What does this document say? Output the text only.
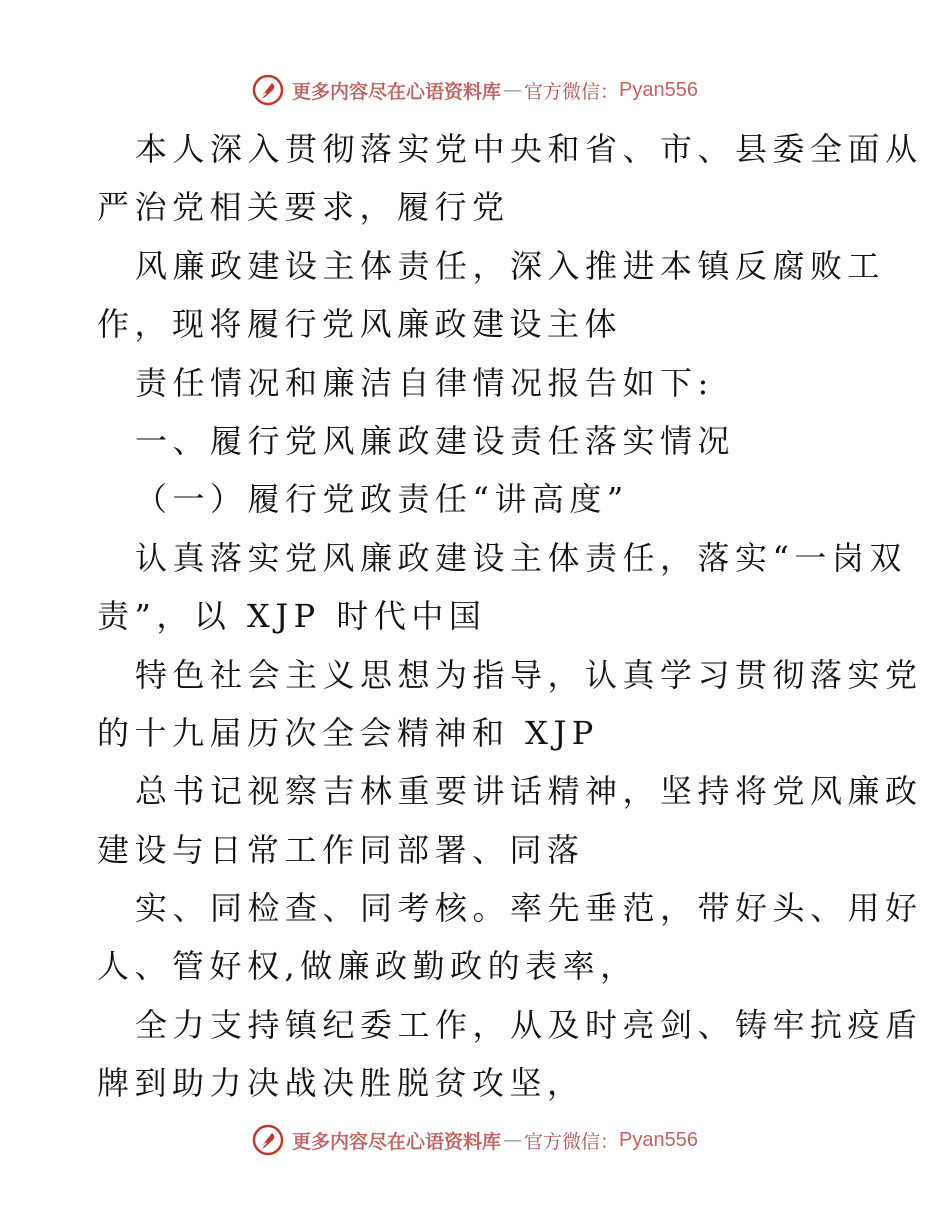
更多内容尽在心语资料库 — 官方微信： Pyan556
本人深入贯彻落实党中央和省、市、县委全面从
严治党相关要求，履行党
风廉政建设主体责任，深入推进本镇反腐败工
作，现将履行党风廉政建设主体
责任情况和廉洁自律情况报告如下:
一、履行党风廉政建设责任落实情况
（一）履行党政责任“讲高度”
认真落实党风廉政建设主体责任，落实“一岗双
责”，以 XJP 时代中国
特色社会主义思想为指导，认真学习贯彻落实党
的十九届历次全会精神和 XJP
总书记视察吉林重要讲话精神，坚持将党风廉政
建设与日常工作同部署、同落
实、同检查、同考核。率先垂范，带好头、用好
人、管好权,做廉政勤政的表率，
全力支持镇纪委工作，从及时亮剑、铸牢抗疫盾
牌到助力决战决胜脱贫攻坚，
更多内容尽在心语资料库 — 官方微信： Pyan556
